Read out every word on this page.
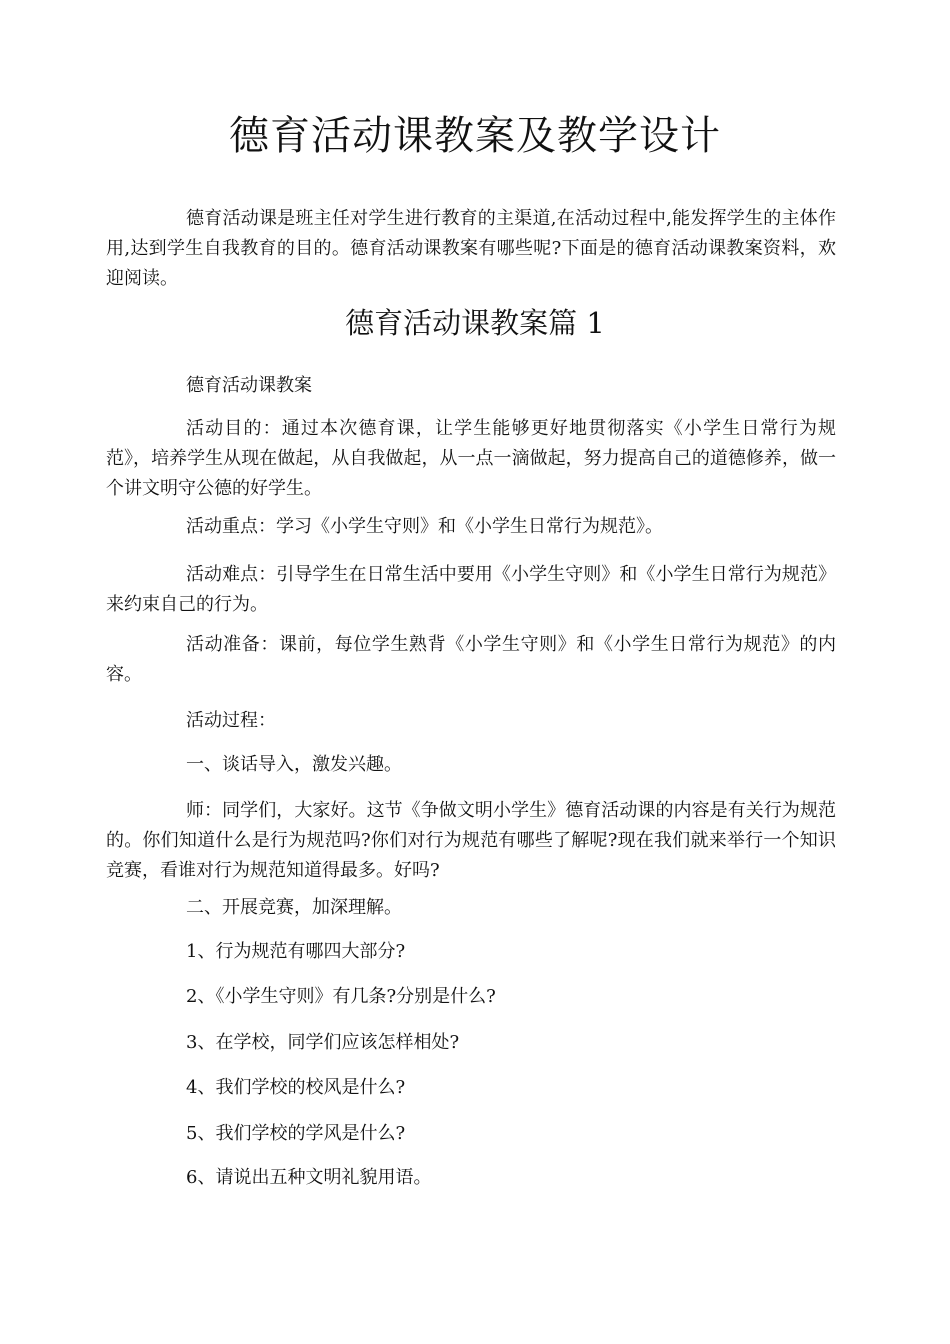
德育活动课教案及教学设计

德育活动课是班主任对学生进行教育的主渠道,在活动过程中,能发挥学生的主体作用,达到学生自我教育的目的。德育活动课教案有哪些呢?下面是的德育活动课教案资料，欢迎阅读。

德育活动课教案篇 1

德育活动课教案

活动目的：通过本次德育课，让学生能够更好地贯彻落实《小学生日常行为规范》，培养学生从现在做起，从自我做起，从一点一滴做起，努力提高自己的道德修养，做一个讲文明守公德的好学生。

活动重点：学习《小学生守则》和《小学生日常行为规范》。

活动难点：引导学生在日常生活中要用《小学生守则》和《小学生日常行为规范》来约束自己的行为。

活动准备：课前，每位学生熟背《小学生守则》和《小学生日常行为规范》的内容。

活动过程：

一、谈话导入，激发兴趣。

师：同学们，大家好。这节《争做文明小学生》德育活动课的内容是有关行为规范的。你们知道什么是行为规范吗?你们对行为规范有哪些了解呢?现在我们就来举行一个知识竞赛，看谁对行为规范知道得最多。好吗?

二、开展竞赛，加深理解。

1、行为规范有哪四大部分?

2、《小学生守则》有几条?分别是什么?

3、在学校，同学们应该怎样相处?

4、我们学校的校风是什么?

5、我们学校的学风是什么?

6、请说出五种文明礼貌用语。
